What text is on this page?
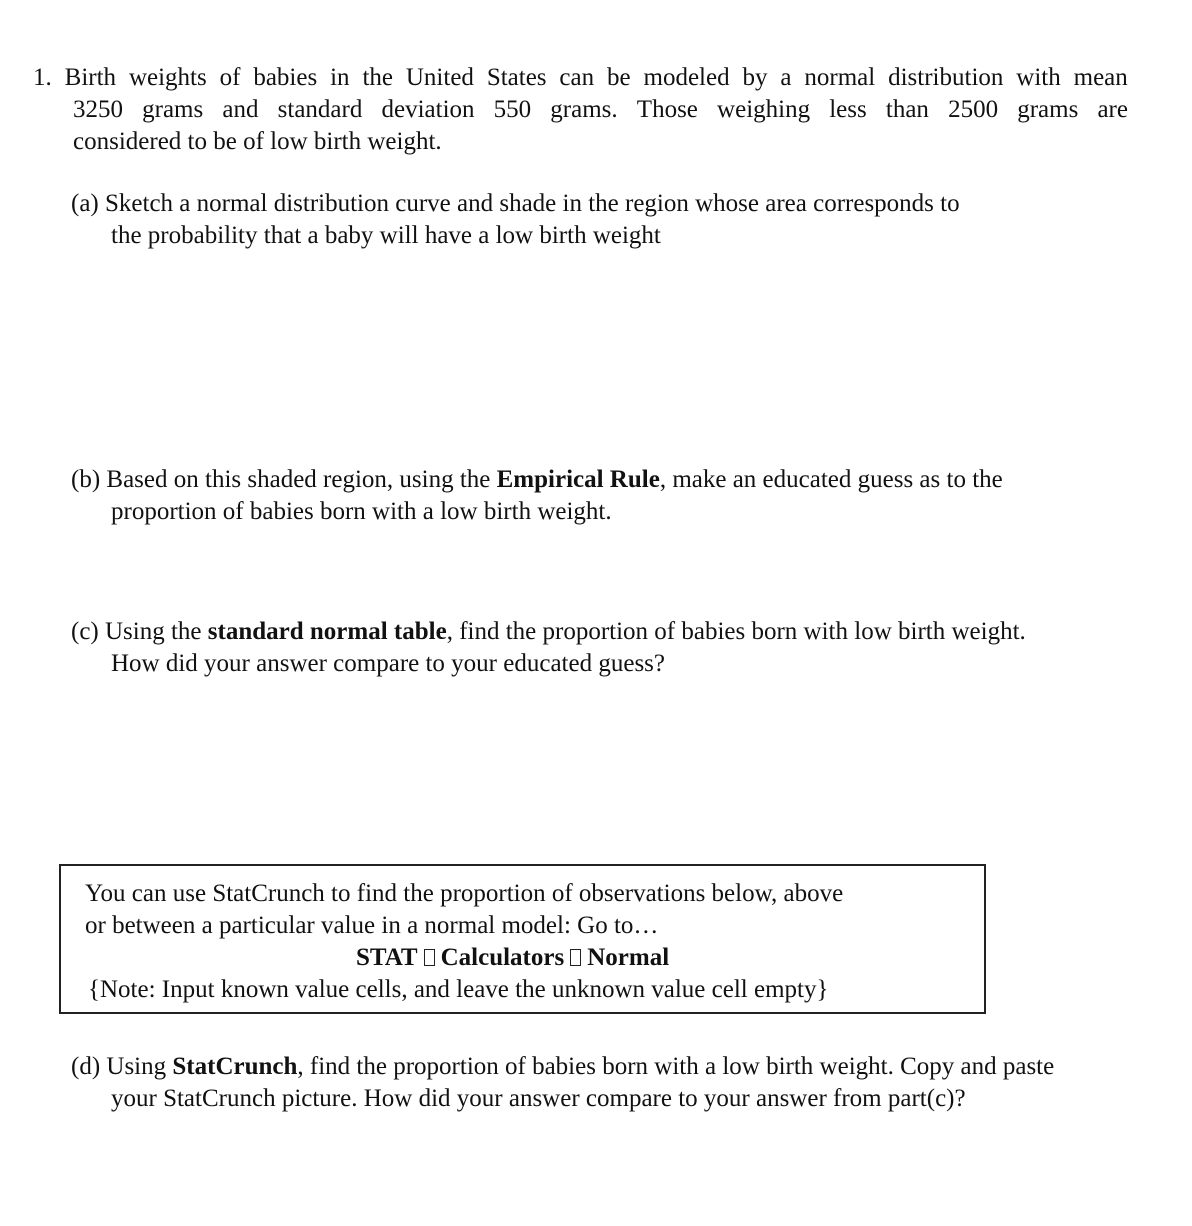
1. Birth weights of babies in the United States can be modeled by a normal distribution with mean
3250 grams and standard deviation 550 grams. Those weighing less than 2500 grams are
considered to be of low birth weight.
(a) Sketch a normal distribution curve and shade in the region whose area corresponds to
the probability that a baby will have a low birth weight
(b) Based on this shaded region, using the Empirical Rule, make an educated guess as to the
proportion of babies born with a low birth weight.
(c) Using the standard normal table, find the proportion of babies born with low birth weight.
How did your answer compare to your educated guess?
You can use StatCrunch to find the proportion of observations below, above
or between a particular value in a normal model: Go to…
STAT Calculators Normal
{Note: Input known value cells, and leave the unknown value cell empty}
(d) Using StatCrunch, find the proportion of babies born with a low birth weight. Copy and paste
your StatCrunch picture. How did your answer compare to your answer from part(c)?
